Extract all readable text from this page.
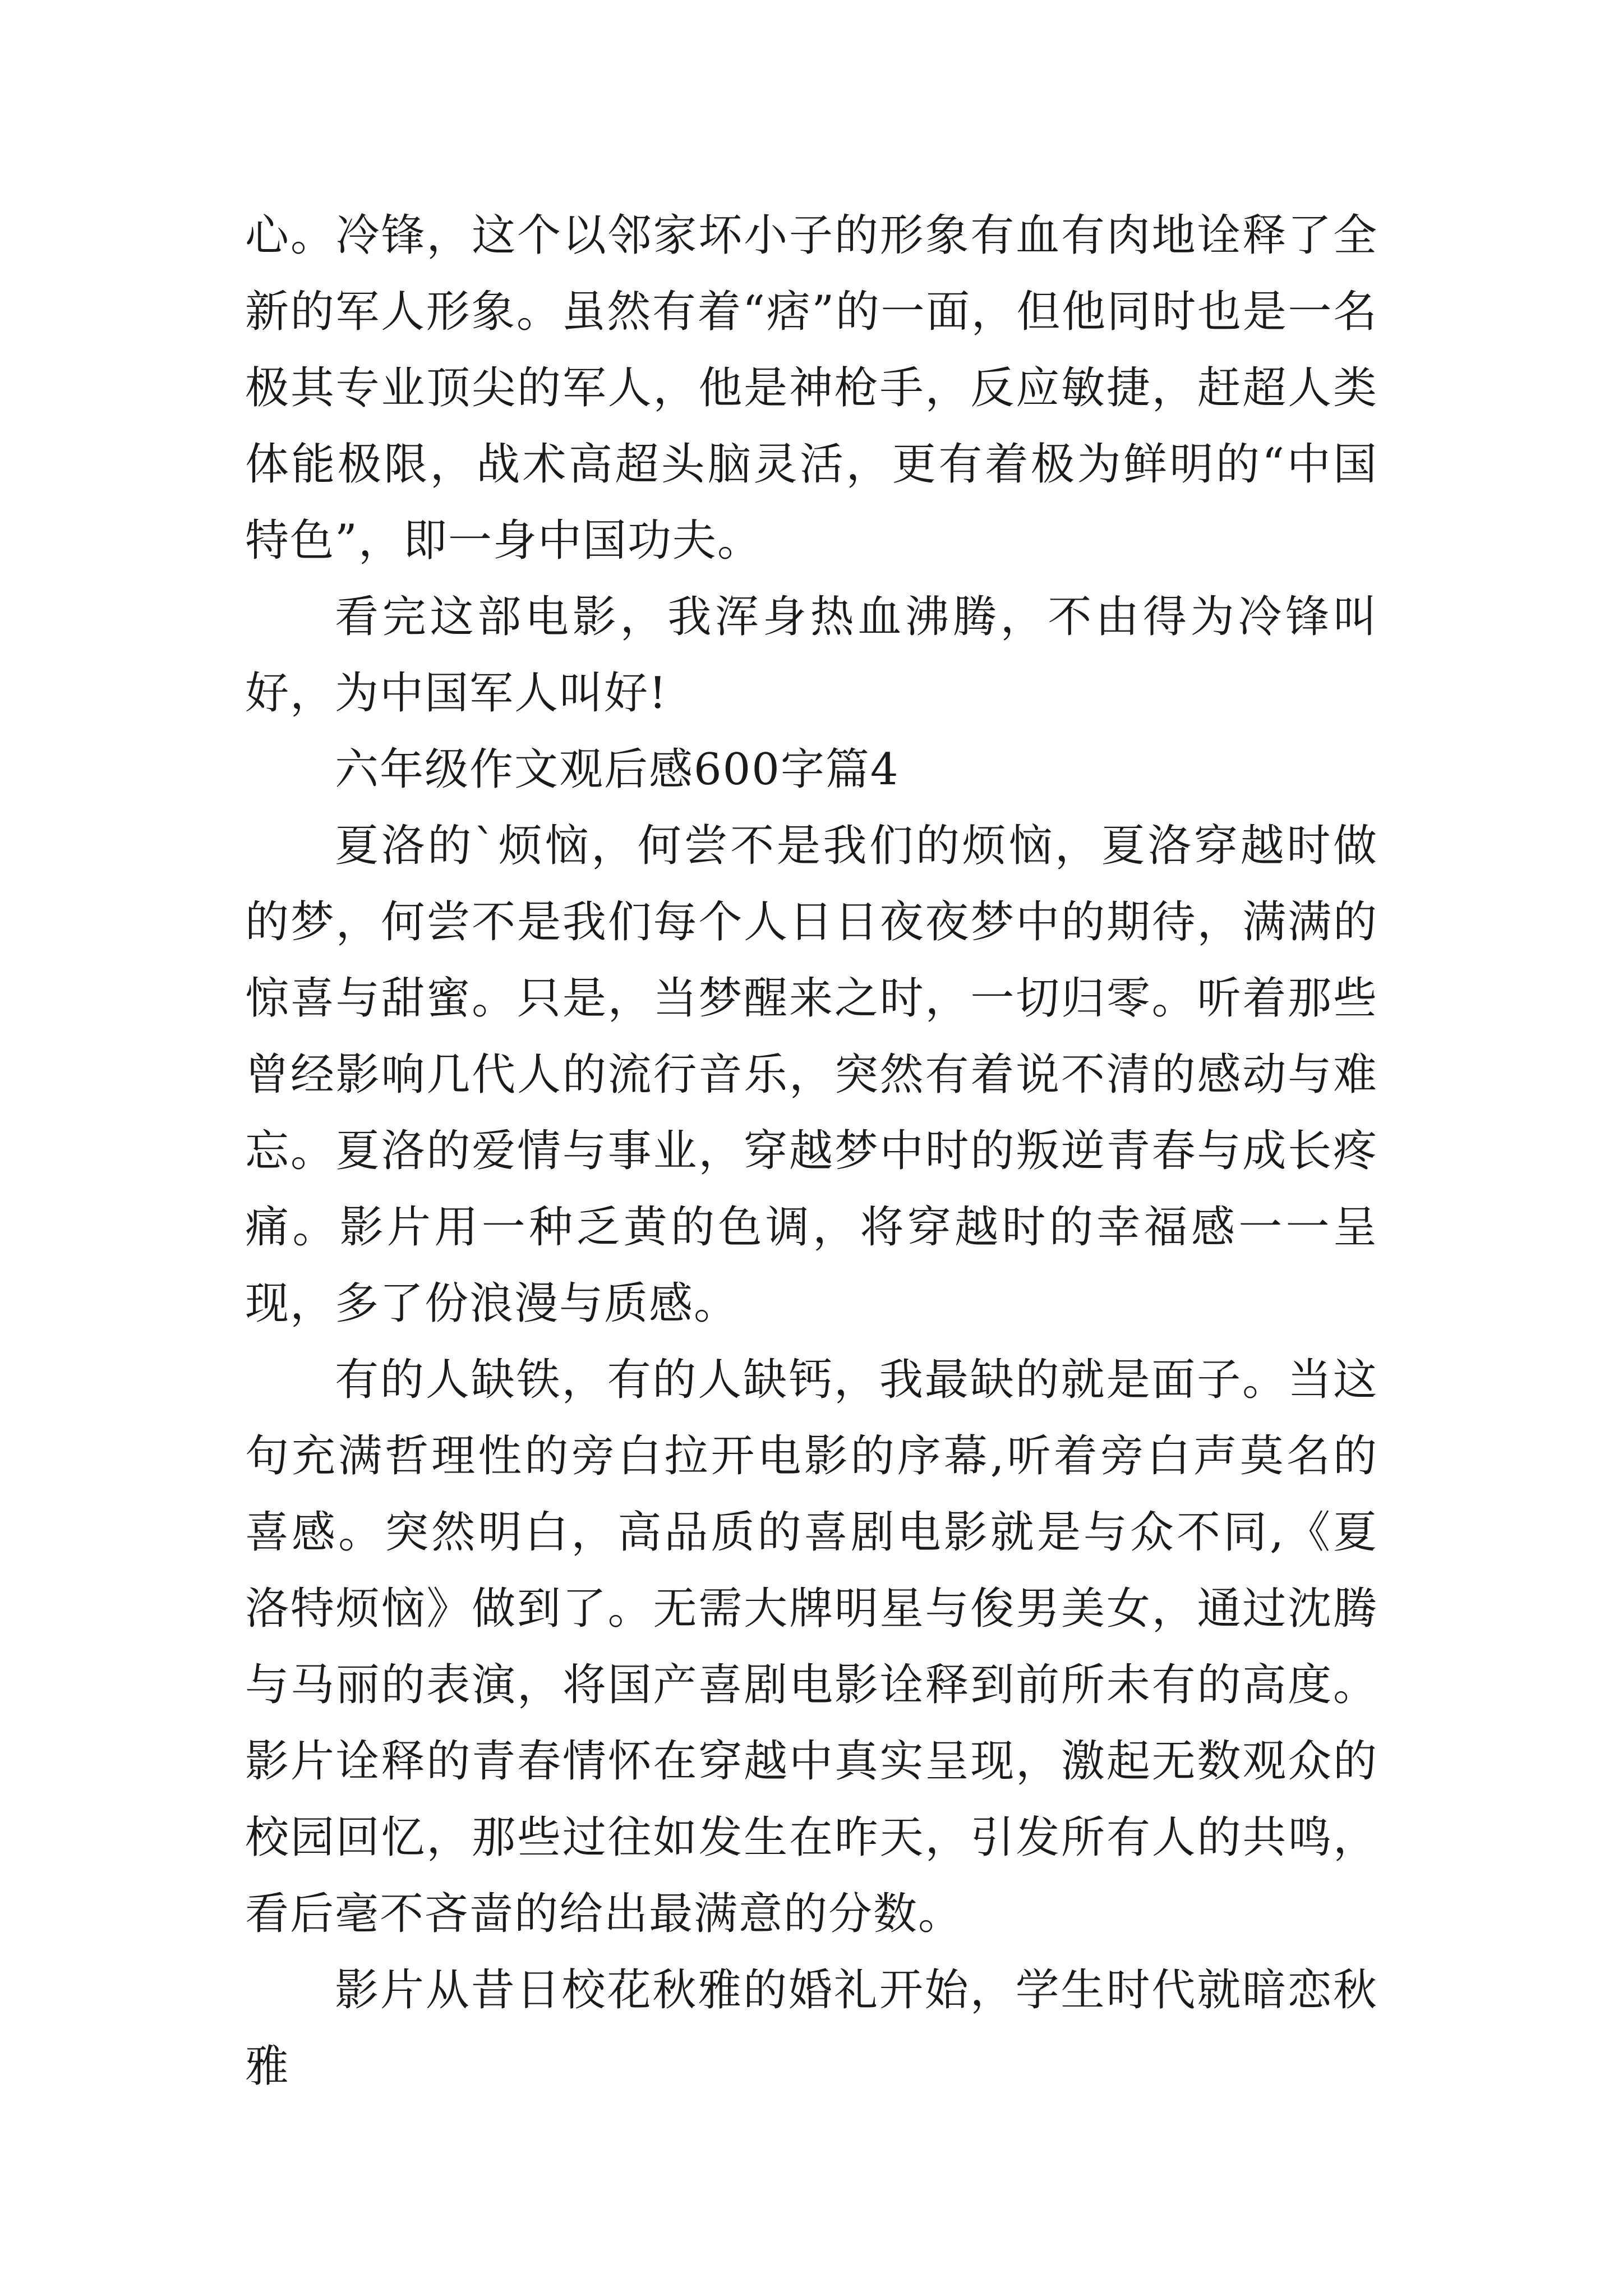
心。冷锋，这个以邻家坏小子的形象有血有肉地诠释了全新的军人形象。虽然有着“痞”的一面，但他同时也是一名极其专业顶尖的军人，他是神枪手，反应敏捷，赶超人类体能极限，战术高超头脑灵活，更有着极为鲜明的“中国特色”，即一身中国功夫。

看完这部电影，我浑身热血沸腾，不由得为冷锋叫好，为中国军人叫好!

六年级作文观后感600字篇4

夏洛的`烦恼，何尝不是我们的烦恼，夏洛穿越时做的梦，何尝不是我们每个人日日夜夜梦中的期待，满满的惊喜与甜蜜。只是，当梦醒来之时，一切归零。听着那些曾经影响几代人的流行音乐，突然有着说不清的感动与难忘。夏洛的爱情与事业，穿越梦中时的叛逆青春与成长疼痛。影片用一种乏黄的色调，将穿越时的幸福感一一呈现，多了份浪漫与质感。

有的人缺铁，有的人缺钙，我最缺的就是面子。当这句充满哲理性的旁白拉开电影的序幕,听着旁白声莫名的喜感。突然明白，高品质的喜剧电影就是与众不同,《夏洛特烦恼》做到了。无需大牌明星与俊男美女，通过沈腾与马丽的表演，将国产喜剧电影诠释到前所未有的高度。影片诠释的青春情怀在穿越中真实呈现，激起无数观众的校园回忆，那些过往如发生在昨天，引发所有人的共鸣，看后毫不吝啬的给出最满意的分数。

影片从昔日校花秋雅的婚礼开始，学生时代就暗恋秋雅
